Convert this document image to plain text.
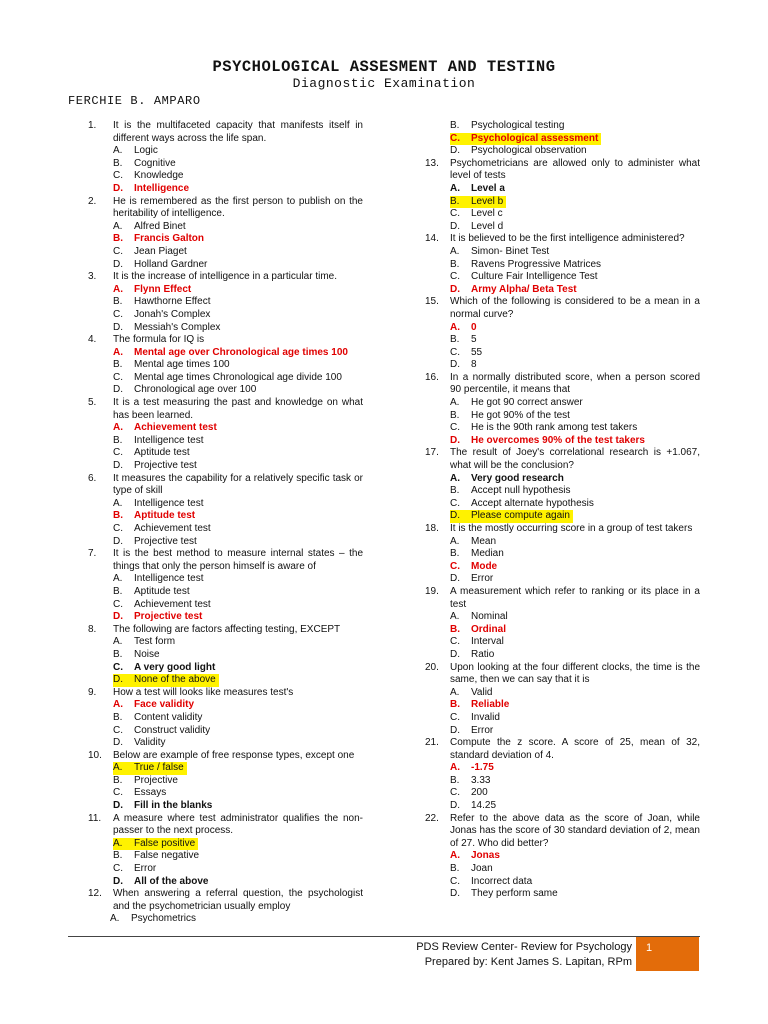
PSYCHOLOGICAL ASSESMENT AND TESTING
Diagnostic Examination
FERCHIE B. AMPARO
1.	It is the multifaceted capacity that manifests itself in different ways across the life span.
A.	Logic
B.	Cognitive
C.	Knowledge
D.	Intelligence
2.	He is remembered as the first person to publish on the heritability of intelligence.
A.	Alfred Binet
B.	Francis Galton
C.	Jean Piaget
D.	Holland Gardner
3.	It is the increase of intelligence in a particular time.
A.	Flynn Effect
B.	Hawthorne Effect
C.	Jonah's Complex
D.	Messiah's Complex
4.	The formula for IQ is
A.	Mental age over Chronological age times 100
B.	Mental age times 100
C.	Mental age times Chronological age divide 100
D.	Chronological age over 100
5.	It is a test measuring the past and knowledge on what has been learned.
A.	Achievement test
B.	Intelligence test
C.	Aptitude test
D.	Projective test
6.	It measures the capability for a relatively specific task or type of skill
A.	Intelligence test
B.	Aptitude test
C.	Achievement test
D.	Projective test
7.	It is the best method to measure internal states – the things that only the person himself is aware of
A.	Intelligence test
B.	Aptitude test
C.	Achievement test
D.	Projective test
8.	The following are factors affecting testing, EXCEPT
A.	Test form
B.	Noise
C.	A very good light
D.	None of the above
9.	How a test will looks like measures test's
A.	Face validity
B.	Content validity
C.	Construct validity
D.	Validity
10.	Below are example of free response types, except one
A.	True / false
B.	Projective
C.	Essays
D.	Fill in the blanks
11.	A measure where test administrator qualifies the non-passer to the next process.
A.	False positive
B.	False negative
C.	Error
D.	All of the above
12.	When answering a referral question, the psychologist and the psychometrician usually employ
A.	Psychometrics
B.	Psychological testing
C.	Psychological assessment
D.	Psychological observation
13.	Psychometricians are allowed only to administer what level of tests
A.	Level a
B.	Level b
C.	Level c
D.	Level d
14.	It is believed to be the first intelligence administered?
A.	Simon- Binet Test
B.	Ravens Progressive Matrices
C.	Culture Fair Intelligence Test
D.	Army Alpha/ Beta Test
15.	Which of the following is considered to be a mean in a normal curve?
A.	0
B.	5
C.	55
D.	8
16.	In a normally distributed score, when a person scored 90 percentile, it means that
A.	He got 90 correct answer
B.	He got 90% of the test
C.	He is the 90th rank among test takers
D.	He overcomes 90% of the test takers
17.	The result of Joey's correlational research is +1.067, what will be the conclusion?
A.	Very good research
B.	Accept null hypothesis
C.	Accept alternate hypothesis
D.	Please compute again
18.	It is the mostly occurring score in a group of test takers
A.	Mean
B.	Median
C.	Mode
D.	Error
19.	A measurement which refer to ranking or its place in a test
A.	Nominal
B.	Ordinal
C.	Interval
D.	Ratio
20.	Upon looking at the four different clocks, the time is the same, then we can say that it is
A.	Valid
B.	Reliable
C.	Invalid
D.	Error
21.	Compute the z score. A score of 25, mean of 32, standard deviation of 4.
A.	-1.75
B.	3.33
C.	200
D.	14.25
22.	Refer to the above data as the score of Joan, while Jonas has the score of 30 standard deviation of 2, mean of 27. Who did better?
A.	Jonas
B.	Joan
C.	Incorrect data
D.	They perform same
PDS Review Center- Review for Psychology
Prepared by: Kent James S. Lapitan, RPm
1
